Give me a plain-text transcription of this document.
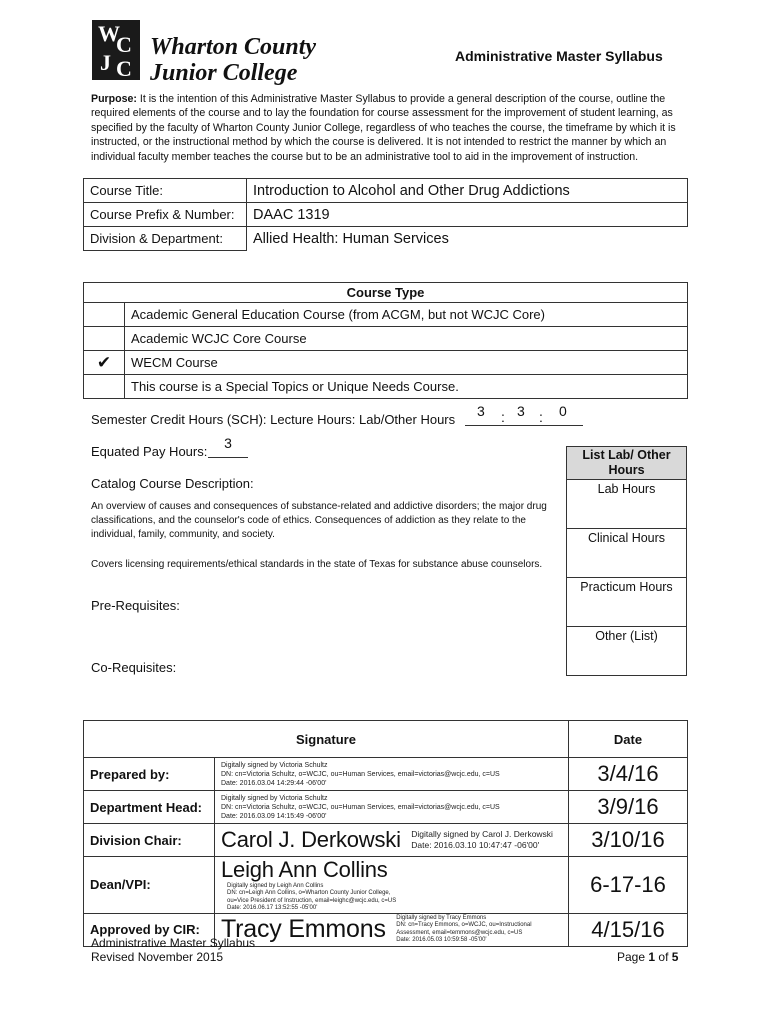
W
C
J C
Wharton County
Junior College
Administrative Master Syllabus
Purpose: It is the intention of this Administrative Master Syllabus to provide a general description of the course, outline the required elements of the course and to lay the foundation for course assessment for the improvement of student learning, as specified by the faculty of Wharton County Junior College, regardless of who teaches the course, the timeframe by which it is instructed, or the instructional method by which the course is delivered. It is not intended to restrict the manner by which an individual faculty member teaches the course but to be an administrative tool to aid in the improvement of instruction.
Course Title:	Introduction to Alcohol and Other Drug Addictions
Course Prefix & Number:	DAAC 1319
Division & Department:	Allied Health: Human Services
Course Type	
	Academic General Education Course (from ACGM, but not WCJC Core)
	Academic WCJC Core Course
✔	WECM Course
	This course is a Special Topics or Unique Needs Course.
Semester Credit Hours (SCH): Lecture Hours: Lab/Other Hours
3 : 3 : 0
Equated Pay Hours:
3
Catalog Course Description:

An overview of causes and consequences of substance-related and addictive disorders; the major drug classifications, and the counselor's code of ethics. Consequences of addiction as they relate to the individual, family, community, and society.

Covers licensing requirements/ethical standards in the state of Texas for substance abuse counselors.

Pre-Requisites:
Co-Requisites:
List Lab/ Other Hours
Lab Hours
Clinical Hours
Practicum Hours
Other (List)
Signature		Date
Prepared by:	Digitally signed by Victoria Schultz
DN: cn=Victoria Schultz, o=WCJC, ou=Human Services, email=victorias@wcjc.edu, c=US
Date: 2016.03.04 14:29:44 -06'00'	3/4/16
Department Head:	Digitally signed by Victoria Schultz
DN: cn=Victoria Schultz, o=WCJC, ou=Human Services, email=victorias@wcjc.edu, c=US
Date: 2016.03.09 14:15:49 -06'00'	3/9/16
Division Chair:	Carol J. Derkowski Digitally signed by Carol J. Derkowski
Date: 2016.03.10 10:47:47 -06'00'	3/10/16
Dean/VPI:	Leigh Ann Collins
Digitally signed by Leigh Ann Collins
DN: cn=Leigh Ann Collins, o=Wharton County Junior College,
ou=Vice President of Instruction, email=leighc@wcjc.edu, c=US
Date: 2016.06.17 13:52:55 -05'00'	6-17-16
Approved by CIR:	Tracy Emmons Digitally signed by Tracy Emmons
DN: cn=Tracy Emmons, o=WCJC, ou=Instructional
Assessment, email=temmons@wcjc.edu, c=US
Date: 2016.05.03 10:59:58 -05'00'	4/15/16
Administrative Master Syllabus
Revised November 2015	Page 1 of 5
